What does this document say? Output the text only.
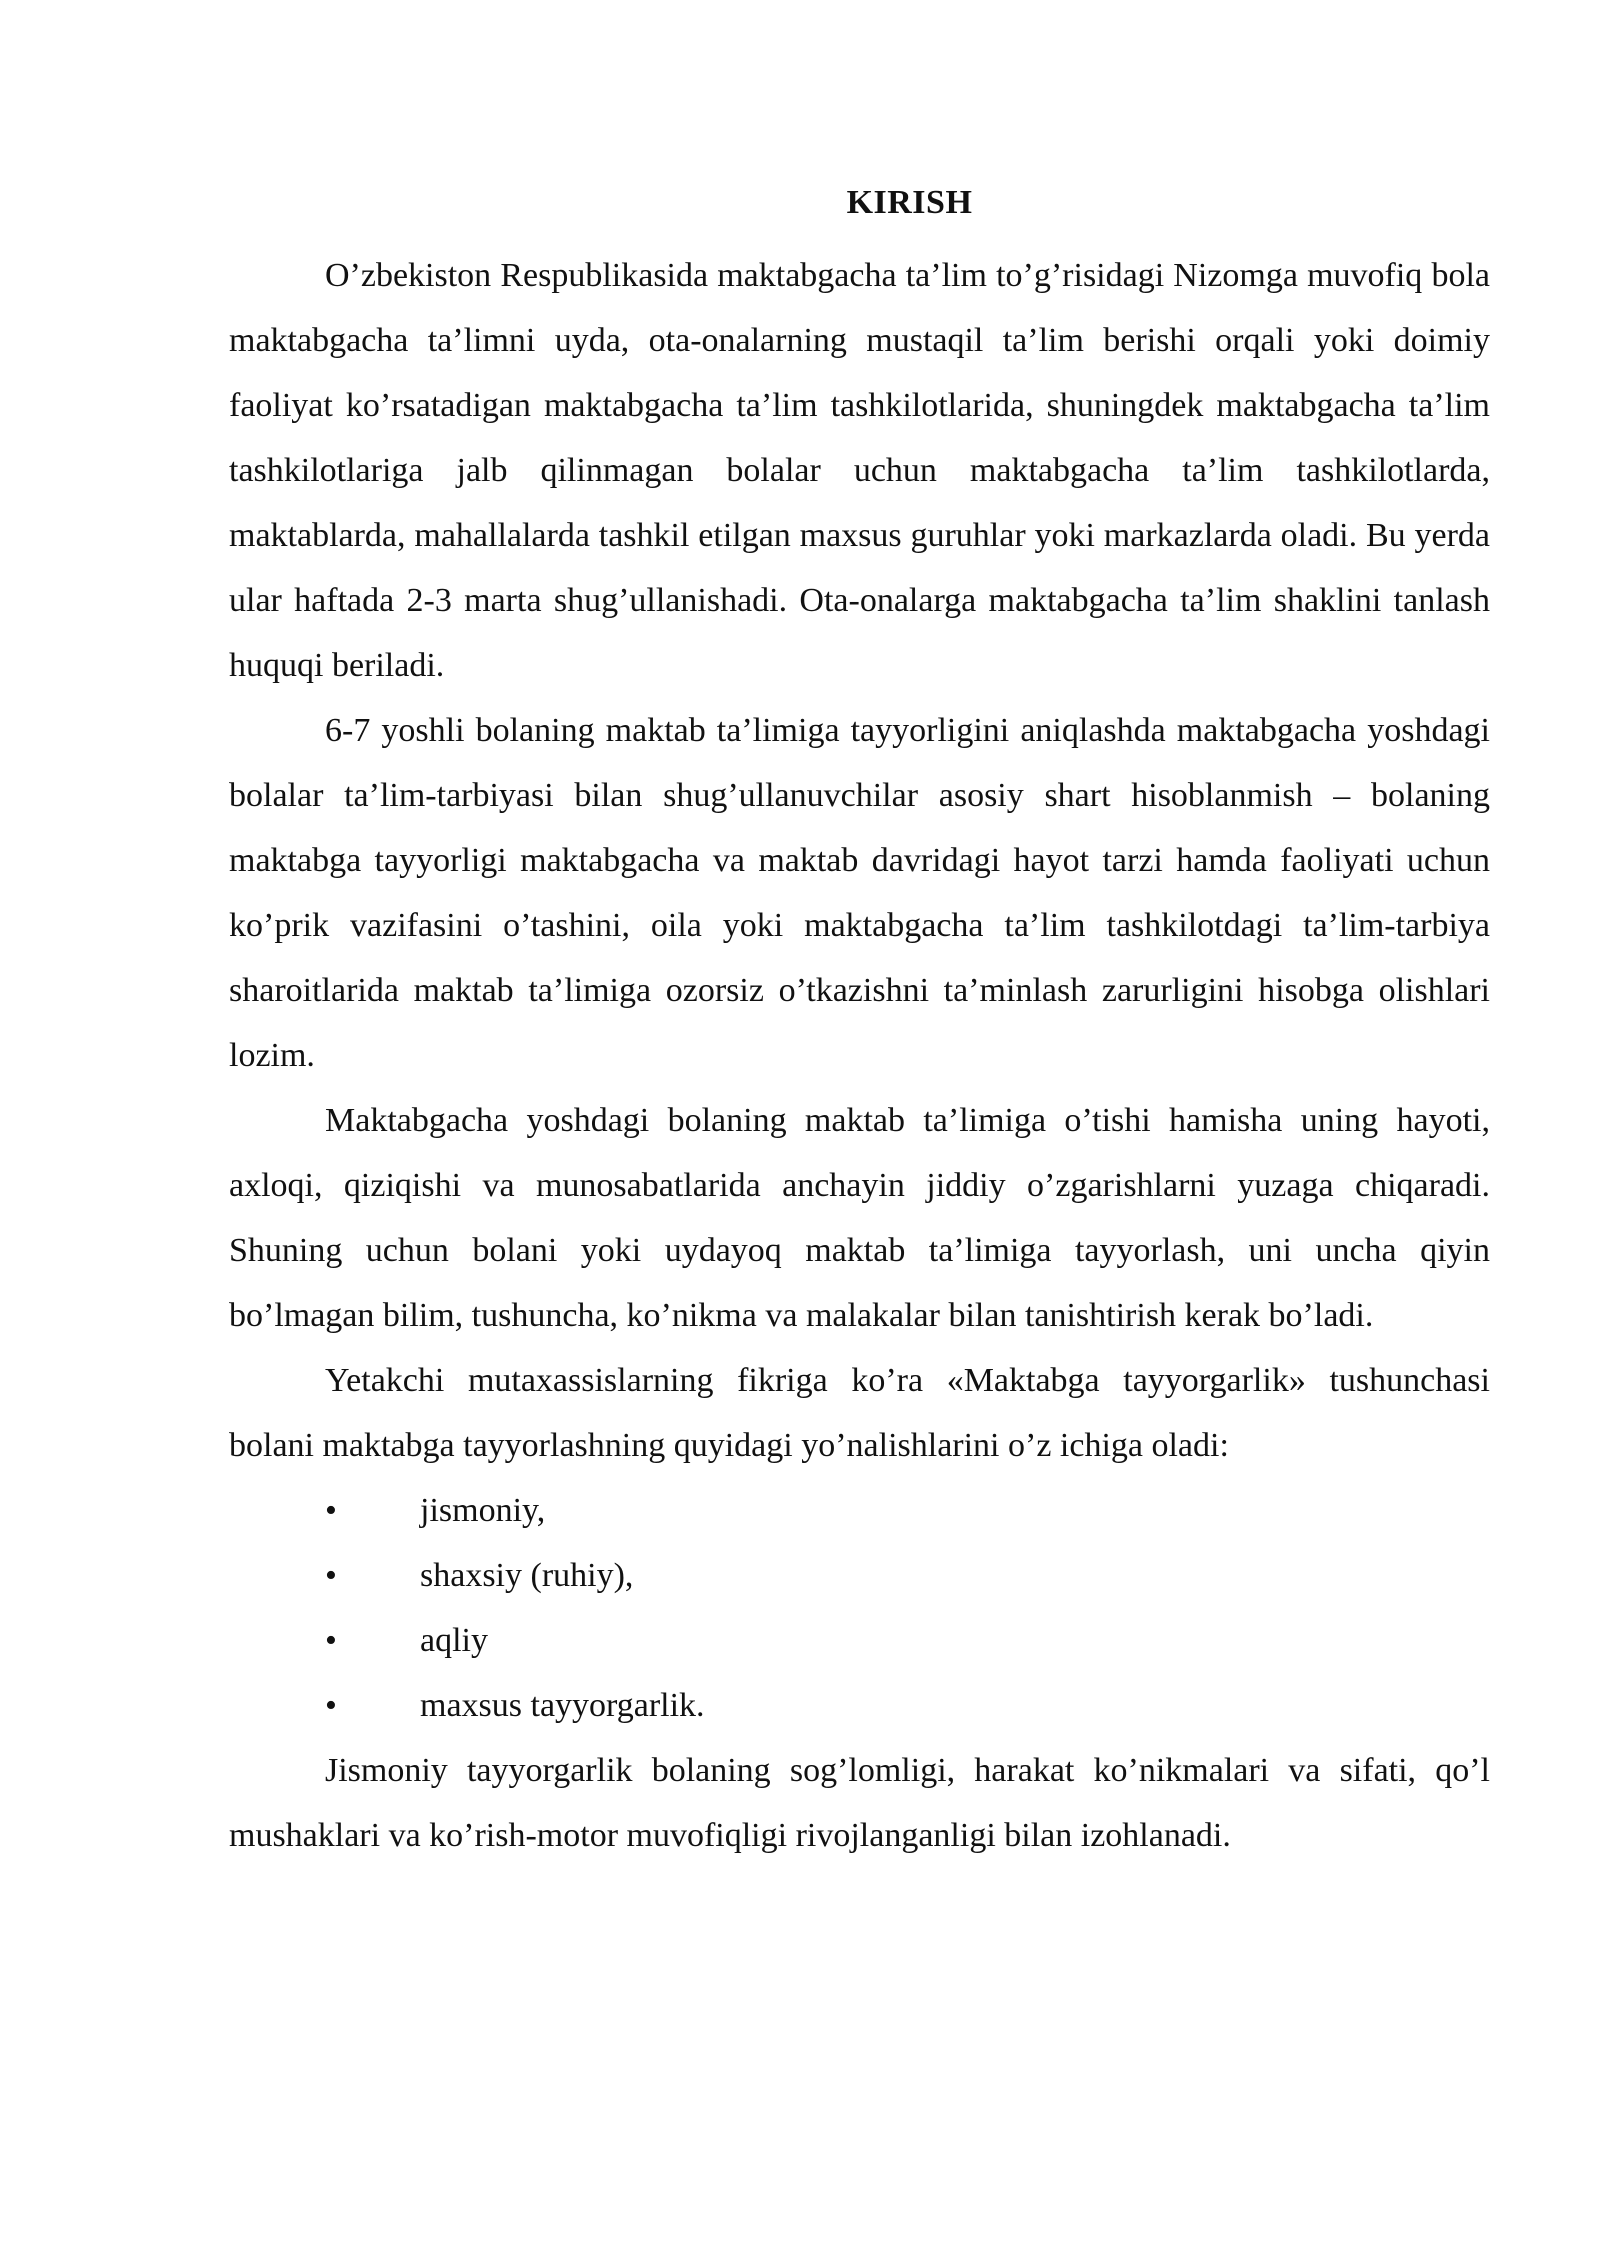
KIRISH

O’zbekiston Respublikasida maktabgacha ta’lim to’g’risidagi Nizomga muvofiq bola maktabgacha ta’limni uyda, ota-onalarning mustaqil ta’lim berishi orqali yoki doimiy faoliyat ko’rsatadigan maktabgacha ta’lim tashkilotlarida, shuningdek maktabgacha ta’lim tashkilotlariga jalb qilinmagan bolalar uchun maktabgacha ta’lim tashkilotlarda, maktablarda, mahallalarda tashkil etilgan maxsus guruhlar yoki markazlarda oladi. Bu yerda ular haftada 2-3 marta shug’ullanishadi. Ota-onalarga maktabgacha ta’lim shaklini tanlash huquqi beriladi.

6-7 yoshli bolaning maktab ta’limiga tayyorligini aniqlashda maktabgacha yoshdagi bolalar ta’lim-tarbiyasi bilan shug’ullanuvchilar asosiy shart hisoblanmish – bolaning maktabga tayyorligi maktabgacha va maktab davridagi hayot tarzi hamda faoliyati uchun ko’prik vazifasini o’tashini, oila yoki maktabgacha ta’lim tashkilotdagi ta’lim-tarbiya sharoitlarida maktab ta’limiga ozorsiz o’tkazishni ta’minlash zarurligini hisobga olishlari lozim.

Maktabgacha yoshdagi bolaning maktab ta’limiga o’tishi hamisha uning hayoti, axloqi, qiziqishi va munosabatlarida anchayin jiddiy o’zgarishlarni yuzaga chiqaradi. Shuning uchun bolani yoki uydayoq maktab ta’limiga tayyorlash, uni uncha qiyin bo’lmagan bilim, tushuncha, ko’nikma va malakalar bilan tanishtirish kerak bo’ladi.

Yetakchi mutaxassislarning fikriga ko’ra «Maktabga tayyorgarlik» tushunchasi bolani maktabga tayyorlashning quyidagi yo’nalishlarini o’z ichiga oladi:

• jismoniy,
• shaxsiy (ruhiy),
• aqliy
• maxsus tayyorgarlik.

Jismoniy tayyorgarlik bolaning sog’lomligi, harakat ko’nikmalari va sifati, qo’l mushaklari va ko’rish-motor muvofiqligi rivojlanganligi bilan izohlanadi.
